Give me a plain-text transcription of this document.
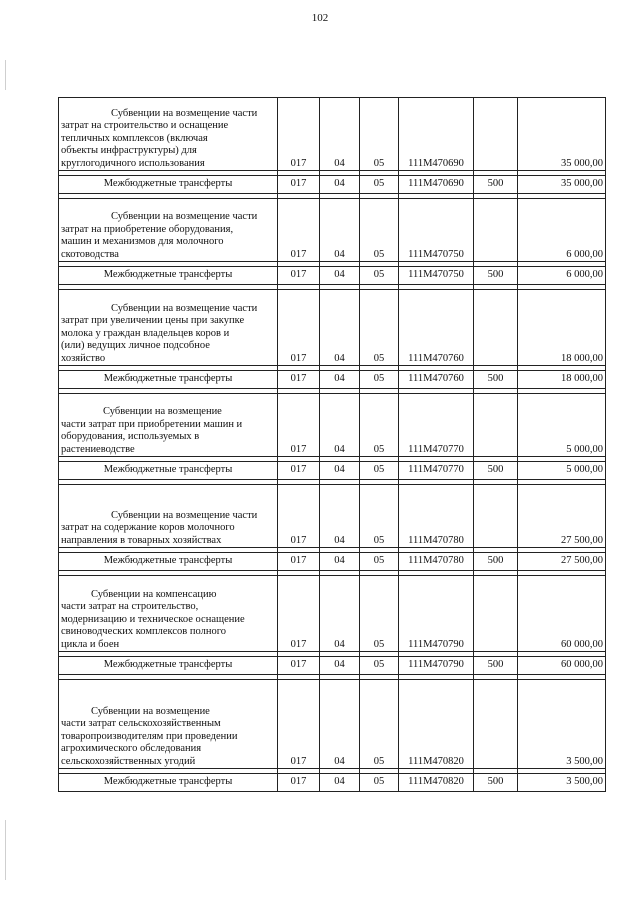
102
Субвенции на возмещение части
затрат на строительство и оснащение
тепличных комплексов (включая
объекты инфраструктуры) для
круглогодичного использования	017	04	05	111М470690		35 000,00

Межбюджетные трансферты	017	04	05	111М470690	500	35 000,00

Субвенции на возмещение части
затрат на приобретение оборудования,
машин и механизмов для молочного
скотоводства	017	04	05	111М470750		6 000,00

Межбюджетные трансферты	017	04	05	111М470750	500	6 000,00

Субвенции на возмещение части
затрат при увеличении цены при закупке
молока у граждан владельцев коров и
(или) ведущих личное подсобное
хозяйство	017	04	05	111М470760		18 000,00

Межбюджетные трансферты	017	04	05	111М470760	500	18 000,00

Субвенции на возмещение
части затрат при приобретении машин и
оборудования, используемых в
растениеводстве	017	04	05	111М470770		5 000,00

Межбюджетные трансферты	017	04	05	111М470770	500	5 000,00

Субвенции на возмещение части
затрат на содержание коров молочного
направления в товарных хозяйствах	017	04	05	111М470780		27 500,00

Межбюджетные трансферты	017	04	05	111М470780	500	27 500,00

Субвенции на компенсацию
части затрат на строительство,
модернизацию и техническое оснащение
свиноводческих комплексов полного
цикла и боен	017	04	05	111М470790		60 000,00

Межбюджетные трансферты	017	04	05	111М470790	500	60 000,00

Субвенции на возмещение
части затрат сельскохозяйственным
товаропроизводителям при проведении
агрохимического обследования
сельскохозяйственных угодий	017	04	05	111М470820		3 500,00

Межбюджетные трансферты	017	04	05	111М470820	500	3 500,00
